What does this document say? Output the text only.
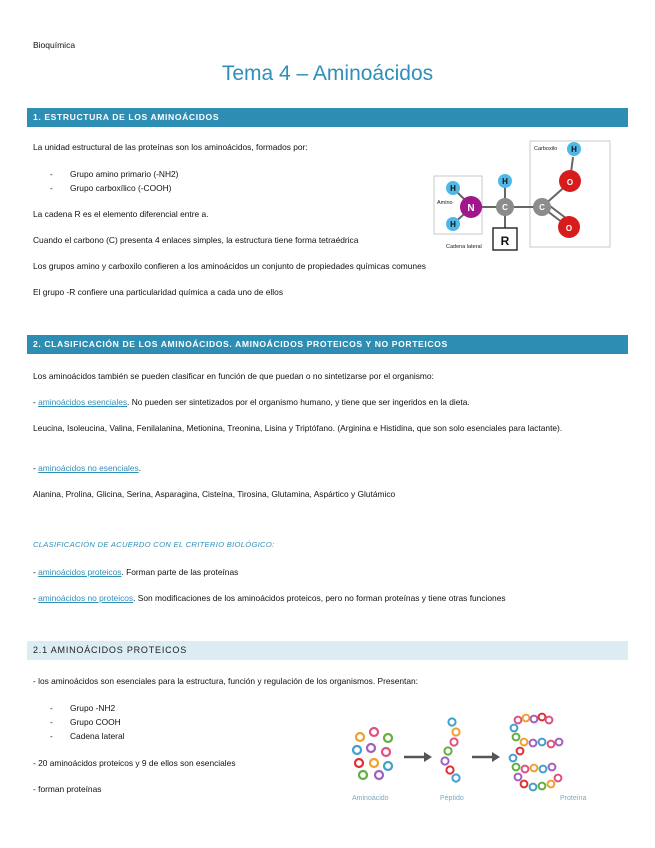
Bioquímica
Tema 4 – Aminoácidos
1. ESTRUCTURA DE LOS AMINOÁCIDOS
La unidad estructural de las proteínas son los aminoácidos, formados por:
- Grupo amino primario (-NH2)
- Grupo carboxílico (-COOH)
La cadena R es el elemento diferencial entre a.
Cuando el carbono (C) presenta 4 enlaces simples, la estructura tiene forma tetraédrica
Los grupos amino y carboxilo confieren a los aminoácidos un conjunto de propiedades químicas comunes
El grupo -R confiere una particularidad química a cada uno de ellos
N
H
H
C
H
C
O
O
H
R
Amino
Carboxilo
Cadena lateral
2. CLASIFICACIÓN DE LOS AMINOÁCIDOS. AMINOÁCIDOS PROTEICOS Y NO PORTEICOS
Los aminoácidos también se pueden clasificar en función de que puedan o no sintetizarse por el organismo:
- aminoácidos esenciales. No pueden ser sintetizados por el organismo humano, y tiene que ser ingeridos en la dieta.
Leucina, Isoleucina, Valina, Fenilalanina, Metionina, Treonina, Lisina y Triptófano. (Arginina e Histidina, que son solo esenciales para lactante).
- aminoácidos no esenciales.
Alanina, Prolina, Glicina, Serina, Asparagina, Cisteína, Tirosina, Glutamina, Aspártico y Glutámico
CLASIFICACIÓN DE ACUERDO CON EL CRITERIO BIOLÓGICO:
- aminoácidos proteicos. Forman parte de las proteínas
- aminoácidos no proteicos. Son modificaciones de los aminoácidos proteicos, pero no forman proteínas y tiene otras funciones
2.1 AMINOÁCIDOS PROTEICOS
- los aminoácidos son esenciales para la estructura, función y regulación de los organismos. Presentan:
- Grupo -NH2
- Grupo COOH
- Cadena lateral
- 20 aminoácidos proteicos y 9 de ellos son esenciales
- forman proteínas
Aminoácido	Péptido	Proteína
